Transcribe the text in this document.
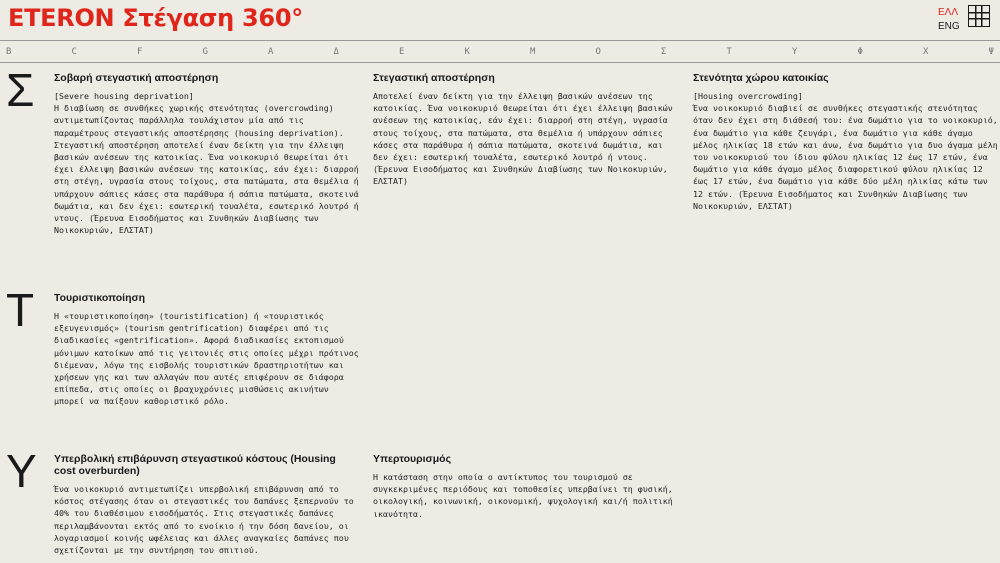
ETERON Στέγαση 360°	ΕΛΛ
ENG
B	C	F	G	A	Δ	E	K	M	O	Σ	T	Y	Φ	X	Ψ
Σ Σοβαρή στεγαστική αποστέρηση

[Severe housing deprivation]
Η διαβίωση σε συνθήκες χωρικής στενότητας (overcrowding) αντιμετωπίζοντας παράλληλα τουλάχιστον μία από τις παραμέτρους στεγαστικής αποστέρησης (housing deprivation). Στεγαστική αποστέρηση αποτελεί έναν δείκτη για την έλλειψη βασικών ανέσεων της κατοικίας. Ένα νοικοκυριό θεωρείται ότι έχει έλλειψη βασικών ανέσεων της κατοικίας, εάν έχει: διαρροή στη στέγη, υγρασία στους τοίχους, στα πατώματα, στα θεμέλια ή υπάρχουν σάπιες κάσες στα παράθυρα ή σάπια πατώματα, σκοτεινά δωμάτια, και δεν έχει: εσωτερική τουαλέτα, εσωτερικό λουτρό ή ντους. (Έρευνα Εισοδήματος και Συνθηκών Διαβίωσης των Νοικοκυριών, ΕΛΣΤΑΤ)

Στεγαστική αποστέρηση

Αποτελεί έναν δείκτη για την έλλειψη βασικών ανέσεων της κατοικίας. Ένα νοικοκυριό θεωρείται ότι έχει έλλειψη βασικών ανέσεων της κατοικίας, εάν έχει: διαρροή στη στέγη, υγρασία στους τοίχους, στα πατώματα, στα θεμέλια ή υπάρχουν σάπιες κάσες στα παράθυρα ή σάπια πατώματα, σκοτεινά δωμάτια, και δεν έχει: εσωτερική τουαλέτα, εσωτερικό λουτρό ή ντους. (Έρευνα Εισοδήματος και Συνθηκών Διαβίωσης των Νοικοκυριών, ΕΛΣΤΑΤ)

Στενότητα χώρου κατοικίας

[Housing overcrowding]
Ένα νοικοκυριό διαβιεί σε συνθήκες στεγαστικής στενότητας όταν δεν έχει στη διάθεσή του: ένα δωμάτιο για το νοικοκυριό, ένα δωμάτιο για κάθε ζευγάρι, ένα δωμάτιο για κάθε άγαμο μέλος ηλικίας 18 ετών και άνω, ένα δωμάτιο για δυο άγαμα μέλη του νοικοκυριού του ίδιου φύλου ηλικίας 12 έως 17 ετών, ένα δωμάτιο για κάθε άγαμο μέλος διαφορετικού φύλου ηλικίας 12 έως 17 ετών, ένα δωμάτιο για κάθε δύο μέλη ηλικίας κάτω των 12 ετών. (Έρευνα Εισοδήματος και Συνθηκών Διαβίωσης των Νοικοκυριών, ΕΛΣΤΑΤ)

Τ Τουριστικοποίηση

Η «τουριστικοποίηση» (touristification) ή «τουριστικός εξευγενισμός» (tourism gentrification) διαφέρει από τις διαδικασίες «gentrification». Αφορά διαδικασίες εκτοπισμού μόνιμων κατοίκων από τις γειτονιές στις οποίες μέχρι πρότινος διέμεναν, λόγω της εισβολής τουριστικών δραστηριοτήτων και χρήσεων γης και των αλλαγών που αυτές επιφέρουν σε διάφορα επίπεδα, στις οποίες οι βραχυχρόνιες μισθώσεις ακινήτων μπορεί να παίξουν καθοριστικό ρόλο.

Υ Υπερβολική επιβάρυνση στεγαστικού κόστους (Housing cost overburden)

Ένα νοικοκυριό αντιμετωπίζει υπερβολική επιβάρυνση από το κόστος στέγασης όταν οι στεγαστικές του δαπάνες ξεπερνούν το 40% του διαθέσιμου εισοδήματός. Στις στεγαστικές δαπάνες περιλαμβάνονται εκτός από το ενοίκιο ή την δόση δανείου, οι λογαριασμοί κοινής ωφέλειας και άλλες αναγκαίες δαπάνες που σχετίζονται με την συντήρηση του σπιτιού.

Υπερτουρισμός

Η κατάσταση στην οποία ο αντίκτυπος του τουρισμού σε συγκεκριμένες περιόδους και τοποθεσίες υπερβαίνει τη φυσική, οικολογική, κοινωνική, οικονομική, ψυχολογική και/ή πολιτική ικανότητα.
